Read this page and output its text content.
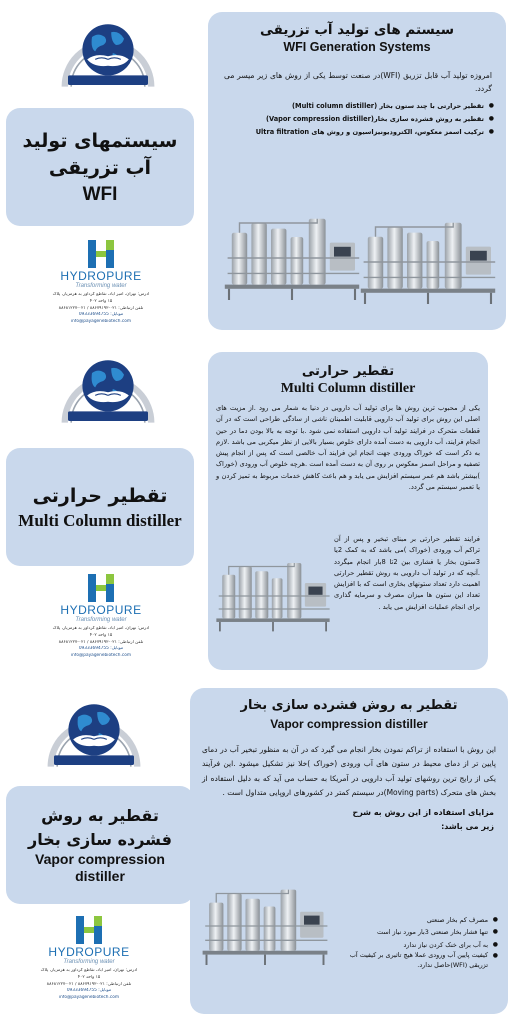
سیستمهای تولید آب تزریقی
WFI
HYDROPURE
Transforming water
آدرس: تهران، امیر آباد، تقاطع گرداور به هرمزیار، پلاک
۱۵ واحد ۴۰۲
تلفن ارتباطی: ۰۲۱-۸۸۶۷۹۱۹۲ / ۰۲۱-۸۸۶۸۱۲۲۷
09333694755 :موبایل
info@payagenebiotech.com
سیستم های تولید آب تزریقی
WFI Generation Systems

امروزه تولید آب قابل تزریق (WFI)در صنعت توسط یکی از روش های زیر میسر می گردد.

● تقطیر حرارتی با چند ستون بخار (Multi column distiller)
● تقطیر به روش فشرده سازی بخار(Vapor compression distiller)
● ترکیب اسمز معکوس، الکترودیونیزاسیون و روش های Ultra filtration
تقطیر حرارتی
Multi Column distiller
HYDROPURE
Transforming water
آدرس: تهران، امیر آباد، تقاطع گرداور به هرمزیار، پلاک
۱۵ واحد ۴۰۲
تلفن ارتباطی: ۰۲۱-۸۸۶۷۹۱۹۲ / ۰۲۱-۸۸۶۸۱۲۲۷
09333694755 :موبایل
info@payagenebiotech.com
تقطیر حرارتی
Multi Column distiller

یکی از محبوب ترین روش ها برای تولید آب دارویی در دنیا به شمار می رود .از مزیت های اصلی این روش برای تولید آب دارویی قابلیت اطمینان ناشی از سادگی طراحی است که در آن قطعات متحرک در فرایند تولید آب دارویی استفاده نمی شود .با توجه به بالا بودن دما در حین انجام فرایند، آب دارویی به دست آمده دارای خلوص بسیار بالایی از نظر میکربی می باشد .لازم به ذکر است که خوراک ورودی جهت انجام این فرایند آب خالصی است که پس از انجام پیش تصفیه و مراحل اسمز معکوس بر روی آن به دست آمده است .هرچه خلوص آب ورودی (خوراک )بیشتر باشد هم عمر سیستم افزایش می یابد و هم باعث کاهش خدمات مربوط به تمیز کردن و یا تعمیر سیستم می گردد.

فرایند تقطیر حرارتی بر مبنای تبخیر و پس از آن تراکم آب ورودی (خوراک )می باشد که به کمک 2یا 3ستون بخار یا فشاری بین 2تا 8بار انجام میگردد .آنچه که در تولید آب دارویی به روش تقطیر حرارتی اهمیت دارد تعداد ستونهای بخاری است که با افزایش تعداد این ستون ها میزان مصرف و سرمایه گذاری برای انجام عملیات افزایش می یابد .

تقطیر به روش فشرده سازی بخار
Vapor compression distiller
HYDROPURE
Transforming water
آدرس: تهران، امیر آباد، تقاطع گرداور به هرمزیار، پلاک
۱۵ واحد ۴۰۲
تلفن ارتباطی: ۰۲۱-۸۸۶۷۹۱۹۲ / ۰۲۱-۸۸۶۸۱۲۲۷
09333694755 :موبایل
info@payagenebiotech.com
تقطیر به روش فشرده سازی بخار
Vapor compression distiller

این روش با استفاده از تراکم نمودن بخار انجام می گیرد که در آن به منظور تبخیر آب در دمای پایین تر از دمای محیط در ستون های آب ورودی (خوراک )خلا نیز تشکیل میشود .این فرآیند یکی از رایج ترین روشهای تولید آب دارویی در آمریکا به حساب می آید که به دلیل استفاده از بخش های متحرک (Moving parts)در سیستم کمتر در کشورهای اروپایی متداول است .

مزایای استفاده از این روش به شرح زیر می باشد:
● مصرف کم بخار صنعتی
● تنها فشار بخار صنعتی 3بار مورد نیاز است
● به آب برای خنک کردن نیاز ندارد
● کیفیت پایین آب ورودی عملا هیچ تاثیری بر کیفیت آب تزریقی (WFI)حاصل ندارد.
